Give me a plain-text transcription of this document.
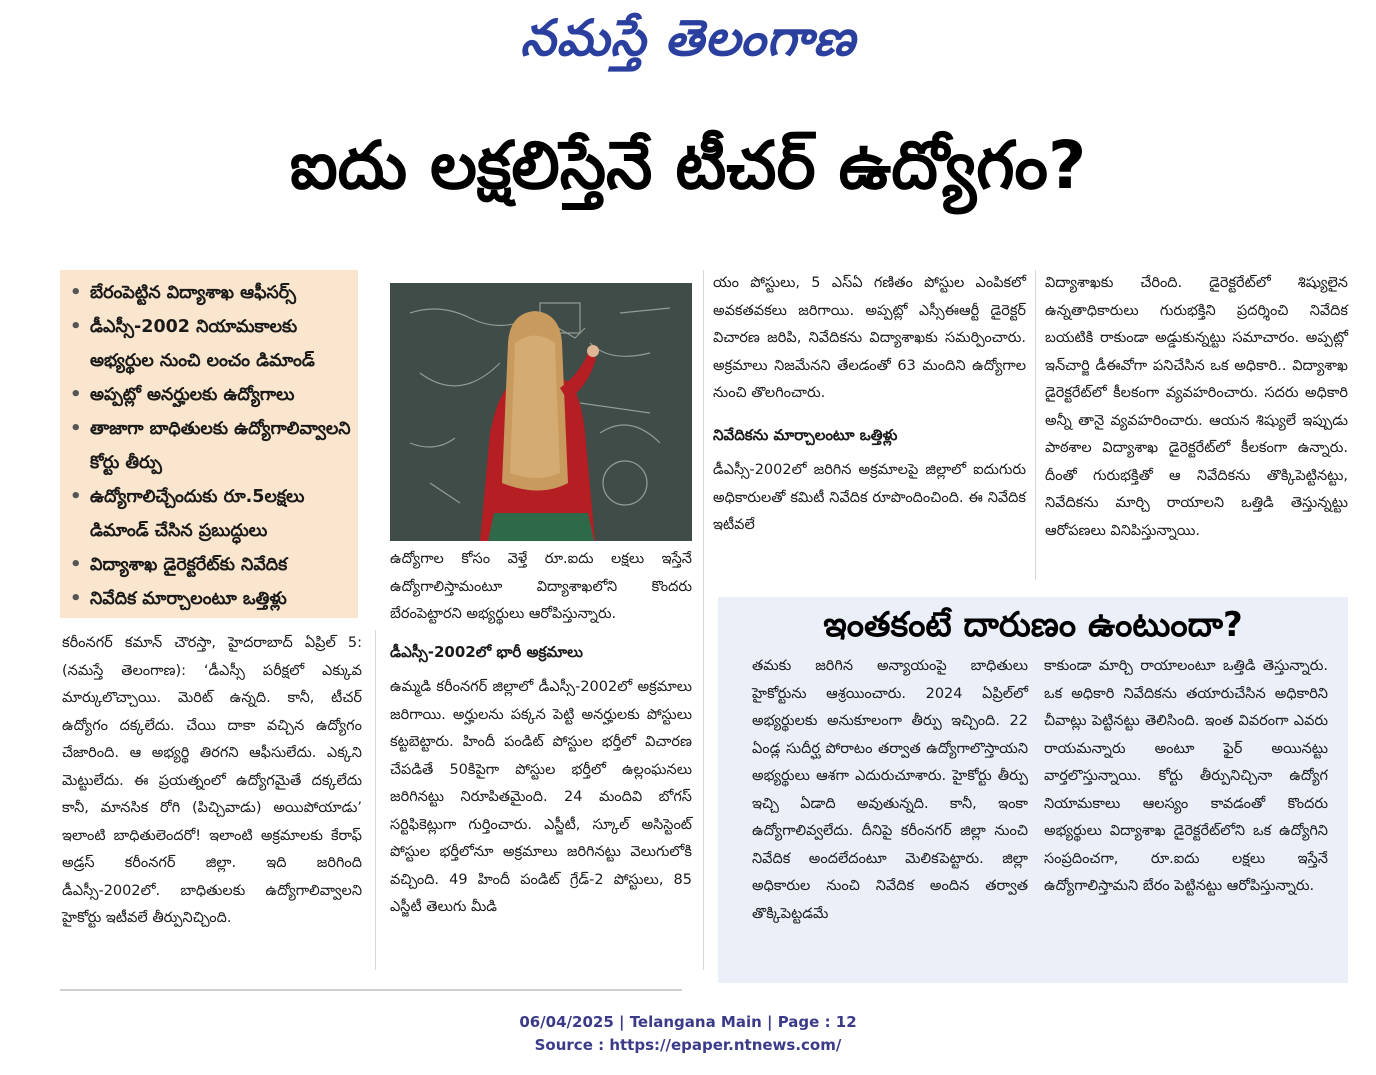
నమస్తే తెలంగాణ
ఐదు లక్షలిస్తేనే టీచర్ ఉద్యోగం?
• బేరంపెట్టిన విద్యాశాఖ ఆఫీసర్స్
• డీఎస్సీ-2002 నియామకాలకు అభ్యర్థుల నుంచి లంచం డిమాండ్
• అప్పట్లో అనర్హులకు ఉద్యోగాలు
• తాజాగా బాధితులకు ఉద్యోగాలివ్వాలని కోర్టు తీర్పు
• ఉద్యోగాలిచ్చేందుకు రూ.5లక్షలు డిమాండ్ చేసిన ప్రబుద్ధులు
• విద్యాశాఖ డైరెక్టరేట్‌కు నివేదిక
• నివేదిక మార్చాలంటూ ఒత్తిళ్లు

కరీంనగర్ కమాన్ చౌరస్తా, హైదరాబాద్ ఏప్రిల్ 5: (నమస్తే తెలంగాణ): ‘డీఎస్సీ పరీక్షలో ఎక్కువ మార్కులొచ్చాయి. మెరిట్ ఉన్నది. కానీ, టీచర్ ఉద్యోగం దక్కలేదు. చేయి దాకా వచ్చిన ఉద్యోగం చేజారింది. ఆ అభ్యర్థి తిరగని ఆఫీసులేదు. ఎక్కని మెట్టులేదు. ఈ ప్రయత్నంలో ఉద్యోగమైతే దక్కలేదు కానీ, మానసిక రోగి (పిచ్చివాడు) అయిపోయాడు’ ఇలాంటి బాధితులెందరో! ఇలాంటి అక్రమాలకు కేరాఫ్ అడ్రస్ కరీంనగర్ జిల్లా. ఇది జరిగింది డీఎస్సీ-2002లో. బాధితులకు ఉద్యోగాలివ్వాలని హైకోర్టు ఇటీవలే తీర్పునిచ్చింది.

ఉద్యోగాల కోసం వెళ్తే రూ.ఐదు లక్షలు ఇస్తేనే ఉద్యోగాలిస్తామంటూ విద్యాశాఖలోని కొందరు బేరంపెట్టారని అభ్యర్థులు ఆరోపిస్తున్నారు.

డీఎస్సీ-2002లో భారీ అక్రమాలు

ఉమ్మడి కరీంనగర్ జిల్లాలో డీఎస్సీ-2002లో అక్రమాలు జరిగాయి. అర్హులను పక్కన పెట్టి అనర్హులకు పోస్టులు కట్టబెట్టారు. హిందీ పండిట్ పోస్టుల భర్తీలో విచారణ చేపడితే 50కిపైగా పోస్టుల భర్తీలో ఉల్లంఘనలు జరిగినట్టు నిరూపితమైంది. 24 మందివి బోగస్ సర్టిఫికెట్లుగా గుర్తించారు. ఎస్జీటీ, స్కూల్ అసిస్టెంట్ పోస్టుల భర్తీలోనూ అక్రమాలు జరిగినట్టు వెలుగులోకి వచ్చింది. 49 హిందీ పండిట్ గ్రేడ్-2 పోస్టులు, 85 ఎస్జీటీ తెలుగు మీడి

యం పోస్టులు, 5 ఎస్ఏ గణితం పోస్టుల ఎంపికలో అవకతవకలు జరిగాయి. అప్పట్లో ఎస్సీఈఆర్టీ డైరెక్టర్ విచారణ జరిపి, నివేదికను విద్యాశాఖకు సమర్పించారు. అక్రమాలు నిజమేనని తేలడంతో 63 మందిని ఉద్యోగాల నుంచి తొలగించారు.

నివేదికను మార్చాలంటూ ఒత్తిళ్లు

డీఎస్సీ-2002లో జరిగిన అక్రమాలపై జిల్లాలో ఐదుగురు అధికారులతో కమిటీ నివేదిక రూపొందించింది. ఈ నివేదిక ఇటీవలే

విద్యాశాఖకు చేరింది. డైరెక్టరేట్‌లో శిష్యులైన ఉన్నతాధికారులు గురుభక్తిని ప్రదర్శించి నివేదిక బయటికి రాకుండా అడ్డుకున్నట్టు సమాచారం. అప్పట్లో ఇన్‌చార్జి డీఈవోగా పనిచేసిన ఒక అధికారి.. విద్యాశాఖ డైరెక్టరేట్‌లో కీలకంగా వ్యవహరించారు. సదరు అధికారి అన్నీ తానై వ్యవహరించారు. ఆయన శిష్యులే ఇప్పుడు పాఠశాల విద్యాశాఖ డైరెక్టరేట్‌లో కీలకంగా ఉన్నారు. దీంతో గురుభక్తితో ఆ నివేదికను తొక్కిపెట్టినట్టు, నివేదికను మార్చి రాయాలని ఒత్తిడి తెస్తున్నట్టు ఆరోపణలు వినిపిస్తున్నాయి.

ఇంతకంటే దారుణం ఉంటుందా?
తమకు జరిగిన అన్యాయంపై బాధితులు హైకోర్టును ఆశ్రయించారు. 2024 ఏప్రిల్‌లో అభ్యర్థులకు అనుకూలంగా తీర్పు ఇచ్చింది. 22 ఏండ్ల సుదీర్ఘ పోరాటం తర్వాత ఉద్యోగాలొస్తాయని అభ్యర్థులు ఆశగా ఎదురుచూశారు. హైకోర్టు తీర్పు ఇచ్చి ఏడాది అవుతున్నది. కానీ, ఇంకా ఉద్యోగాలివ్వలేదు. దీనిపై కరీంనగర్ జిల్లా నుంచి నివేదిక అందలేదంటూ మెలికపెట్టారు. జిల్లా అధికారుల నుంచి నివేదిక అందిన తర్వాత తొక్కిపెట్టడమే
కాకుండా మార్చి రాయాలంటూ ఒత్తిడి తెస్తున్నారు. ఒక అధికారి నివేదికను తయారుచేసిన అధికారిని చీవాట్లు పెట్టినట్టు తెలిసింది. ఇంత వివరంగా ఎవరు రాయమన్నారు అంటూ ఫైర్ అయినట్టు వార్తలొస్తున్నాయి. కోర్టు తీర్పునిచ్చినా ఉద్యోగ నియామకాలు ఆలస్యం కావడంతో కొందరు అభ్యర్థులు విద్యాశాఖ డైరెక్టరేట్‌లోని ఒక ఉద్యోగిని సంప్రదించగా, రూ.ఐదు లక్షలు ఇస్తేనే ఉద్యోగాలిస్తామని బేరం పెట్టినట్టు ఆరోపిస్తున్నారు.
06/04/2025 | Telangana Main | Page : 12
Source : https://epaper.ntnews.com/
